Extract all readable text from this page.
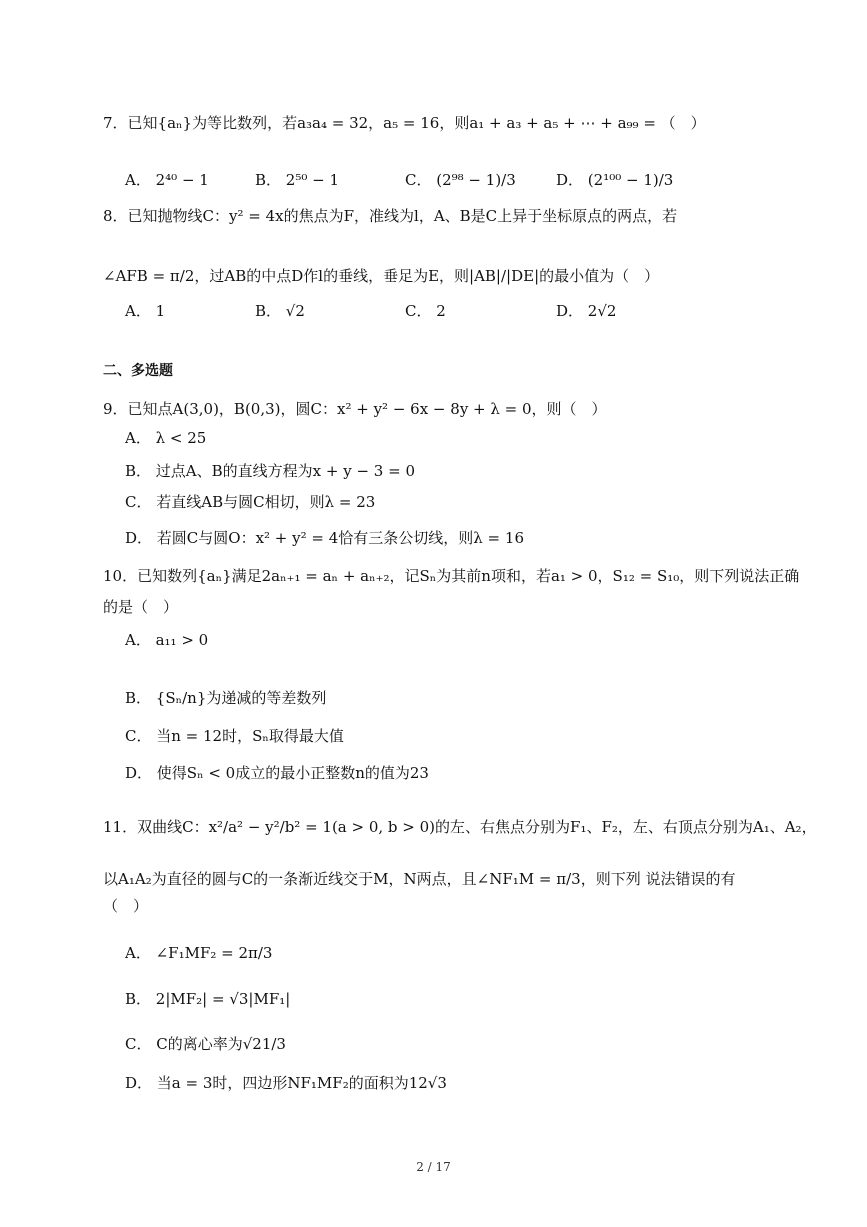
7．已知{aₙ}为等比数列，若a₃a₄ = 32，a₅ = 16，则a₁ + a₃ + a₅ + ⋯ + a₉₉ = （　）
A． 2⁴⁰ − 1	B． 2⁵⁰ − 1	C． (2⁹⁸ − 1)/3	D． (2¹⁰⁰ − 1)/3
8．已知抛物线C：y² = 4x的焦点为F，准线为l，A、B是C上异于坐标原点的两点，若
∠AFB = π/2，过AB的中点D作l的垂线，垂足为E，则|AB|/|DE|的最小值为（　）
A． 1	B． √2	C． 2	D． 2√2
二、多选题
9．已知点A(3,0)，B(0,3)，圆C：x² + y² − 6x − 8y + λ = 0，则（　）
A． λ < 25
B． 过点A、B的直线方程为x + y − 3 = 0
C． 若直线AB与圆C相切，则λ = 23
D． 若圆C与圆O：x² + y² = 4恰有三条公切线，则λ = 16
10．已知数列{aₙ}满足2aₙ₊₁ = aₙ + aₙ₊₂，记Sₙ为其前n项和，若a₁ > 0，S₁₂ = S₁₀，则下列说法正确
的是（　）
A． a₁₁ > 0
B． {Sₙ/n}为递减的等差数列
C． 当n = 12时，Sₙ取得最大值
D． 使得Sₙ < 0成立的最小正整数n的值为23
11．双曲线C：x²/a² − y²/b² = 1(a > 0, b > 0)的左、右焦点分别为F₁、F₂，左、右顶点分别为A₁、A₂，
以A₁A₂为直径的圆与C的一条渐近线交于M，N两点，且∠NF₁M = π/3，则下列 说法错误的有
（　）
A． ∠F₁MF₂ = 2π/3
B． 2|MF₂| = √3|MF₁|
C． C的离心率为√21/3
D． 当a = 3时，四边形NF₁MF₂的面积为12√3
2 / 17
